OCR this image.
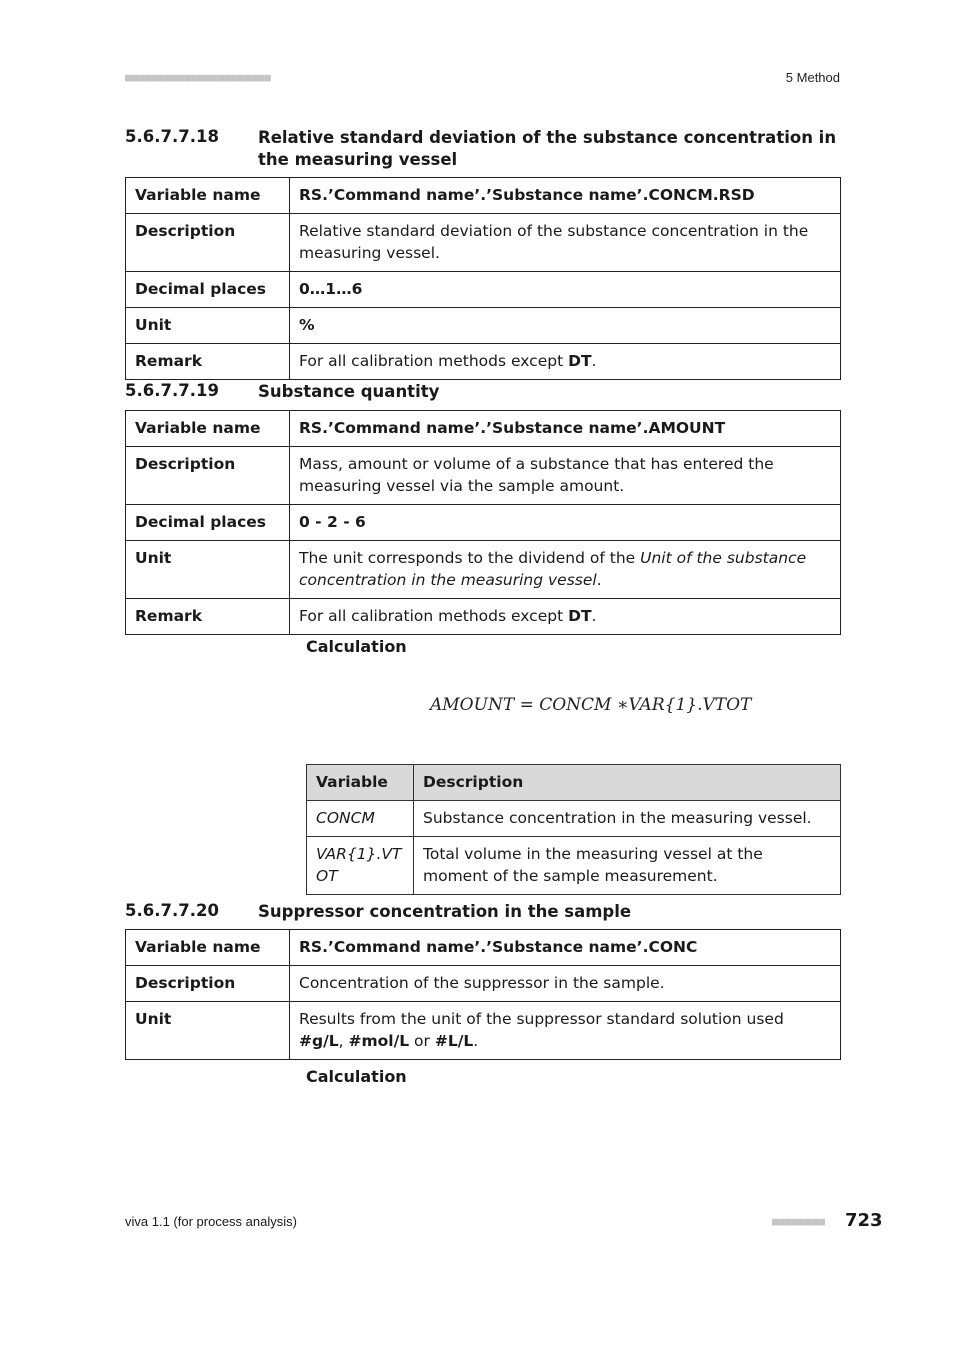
■■■■■■■■■■■■■■■■■■■■■■	5 Method
5.6.7.7.18	Relative standard deviation of the substance concentration in the measuring vessel
Variable name	RS.’Command name’.’Substance name’.CONCM.RSD
Description	Relative standard deviation of the substance concentration in the measuring vessel.
Decimal places	0…1…6
Unit	%
Remark	For all calibration methods except DT.
5.6.7.7.19	Substance quantity
Variable name	RS.’Command name’.’Substance name’.AMOUNT
Description	Mass, amount or volume of a substance that has entered the measuring vessel via the sample amount.
Decimal places	0 - 2 - 6
Unit	The unit corresponds to the dividend of the Unit of the substance concentration in the measuring vessel.
Remark	For all calibration methods except DT.
Calculation
AMOUNT = CONCM ∗VAR{1}.VTOT
Variable	Description
CONCM	Substance concentration in the measuring vessel.
VAR{1}.VTOT	Total volume in the measuring vessel at the moment of the sample measurement.
5.6.7.7.20	Suppressor concentration in the sample
Variable name	RS.’Command name’.’Substance name’.CONC
Description	Concentration of the suppressor in the sample.
Unit	Results from the unit of the suppressor standard solution used #g/L, #mol/L or #L/L.
Calculation
viva 1.1 (for process analysis)	■■■■■■■■ 723
